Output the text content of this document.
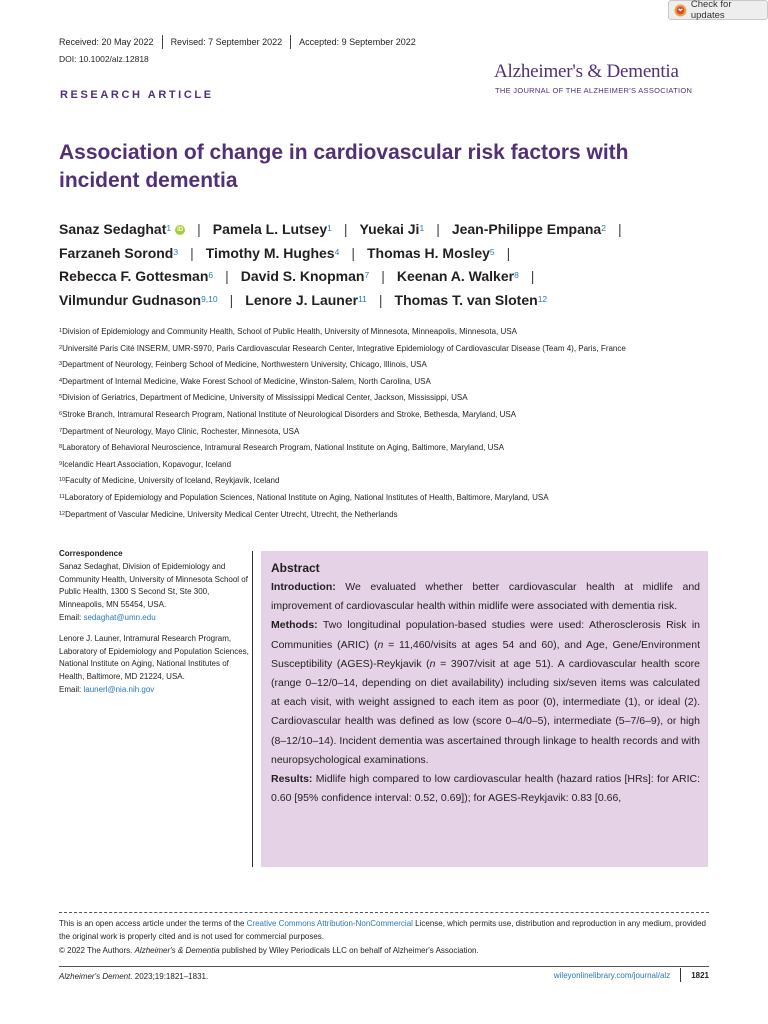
Check for updates
Received: 20 May 2022 Revised: 7 September 2022 Accepted: 9 September 2022
DOI: 10.1002/alz.12818
Alzheimer's & Dementia
THE JOURNAL OF THE ALZHEIMER'S ASSOCIATION
RESEARCH ARTICLE
Association of change in cardiovascular risk factors with incident dementia
Sanaz Sedaghat$^1$ iD | Pamela L. Lutsey$^1$ | Yuekai Ji$^1$ | Jean-Philippe Empana$^2$ |
Farzaneh Sorond$^3$ | Timothy M. Hughes$^4$ | Thomas H. Mosley$^5$ |
Rebecca F. Gottesman$^6$ | David S. Knopman$^7$ | Keenan A. Walker$^8$ |
Vilmundur Gudnason$^{9,10}$ | Lenore J. Launer$^{11}$ | Thomas T. van Sloten$^{12}$
$^1$Division of Epidemiology and Community Health, School of Public Health, University of Minnesota, Minneapolis, Minnesota, USA
$^2$Université Paris Cité INSERM, UMR-S970, Paris Cardiovascular Research Center, Integrative Epidemiology of Cardiovascular Disease (Team 4), Paris, France
$^3$Department of Neurology, Feinberg School of Medicine, Northwestern University, Chicago, Illinois, USA
$^4$Department of Internal Medicine, Wake Forest School of Medicine, Winston-Salem, North Carolina, USA
$^5$Division of Geriatrics, Department of Medicine, University of Mississippi Medical Center, Jackson, Mississippi, USA
$^6$Stroke Branch, Intramural Research Program, National Institute of Neurological Disorders and Stroke, Bethesda, Maryland, USA
$^7$Department of Neurology, Mayo Clinic, Rochester, Minnesota, USA
$^8$Laboratory of Behavioral Neuroscience, Intramural Research Program, National Institute on Aging, Baltimore, Maryland, USA
$^9$Icelandic Heart Association, Kopavogur, Iceland
$^{10}$Faculty of Medicine, University of Iceland, Reykjavik, Iceland
$^{11}$Laboratory of Epidemiology and Population Sciences, National Institute on Aging, National Institutes of Health, Baltimore, Maryland, USA
$^{12}$Department of Vascular Medicine, University Medical Center Utrecht, Utrecht, the Netherlands
Correspondence
Sanaz Sedaghat, Division of Epidemiology and Community Health, University of Minnesota School of Public Health, 1300 S Second St, Ste 300, Minneapolis, MN 55454, USA.
Email: sedaghat@umn.edu
Lenore J. Launer, Intramural Research Program, Laboratory of Epidemiology and Population Sciences, National Institute on Aging, National Institutes of Health, Baltimore, MD 21224, USA.
Email: launerl@nia.nih.gov
Abstract

Introduction: We evaluated whether better cardiovascular health at midlife and improvement of cardiovascular health within midlife were associated with dementia risk.

Methods: Two longitudinal population-based studies were used: Atherosclerosis Risk in Communities (ARIC) (n = 11,460/visits at ages 54 and 60), and Age, Gene/Environment Susceptibility (AGES)-Reykjavik (n = 3907/visit at age 51). A cardiovascular health score (range 0–12/0–14, depending on diet availability) including six/seven items was calculated at each visit, with weight assigned to each item as poor (0), intermediate (1), or ideal (2). Cardiovascular health was defined as low (score 0–4/0–5), intermediate (5–7/6–9), or high (8–12/10–14). Incident dementia was ascertained through linkage to health records and with neuropsychological examinations.

Results: Midlife high compared to low cardiovascular health (hazard ratios [HRs]: for ARIC: 0.60 [95% confidence interval: 0.52, 0.69]); for AGES-Reykjavik: 0.83 [0.66,

This is an open access article under the terms of the Creative Commons Attribution-NonCommercial License, which permits use, distribution and reproduction in any medium, provided the original work is properly cited and is not used for commercial purposes.
© 2022 The Authors. Alzheimer's & Dementia published by Wiley Periodicals LLC on behalf of Alzheimer's Association.
Alzheimer's Dement. 2023;19:1821–1831.	wileyonlinelibrary.com/journal/alz	1821
